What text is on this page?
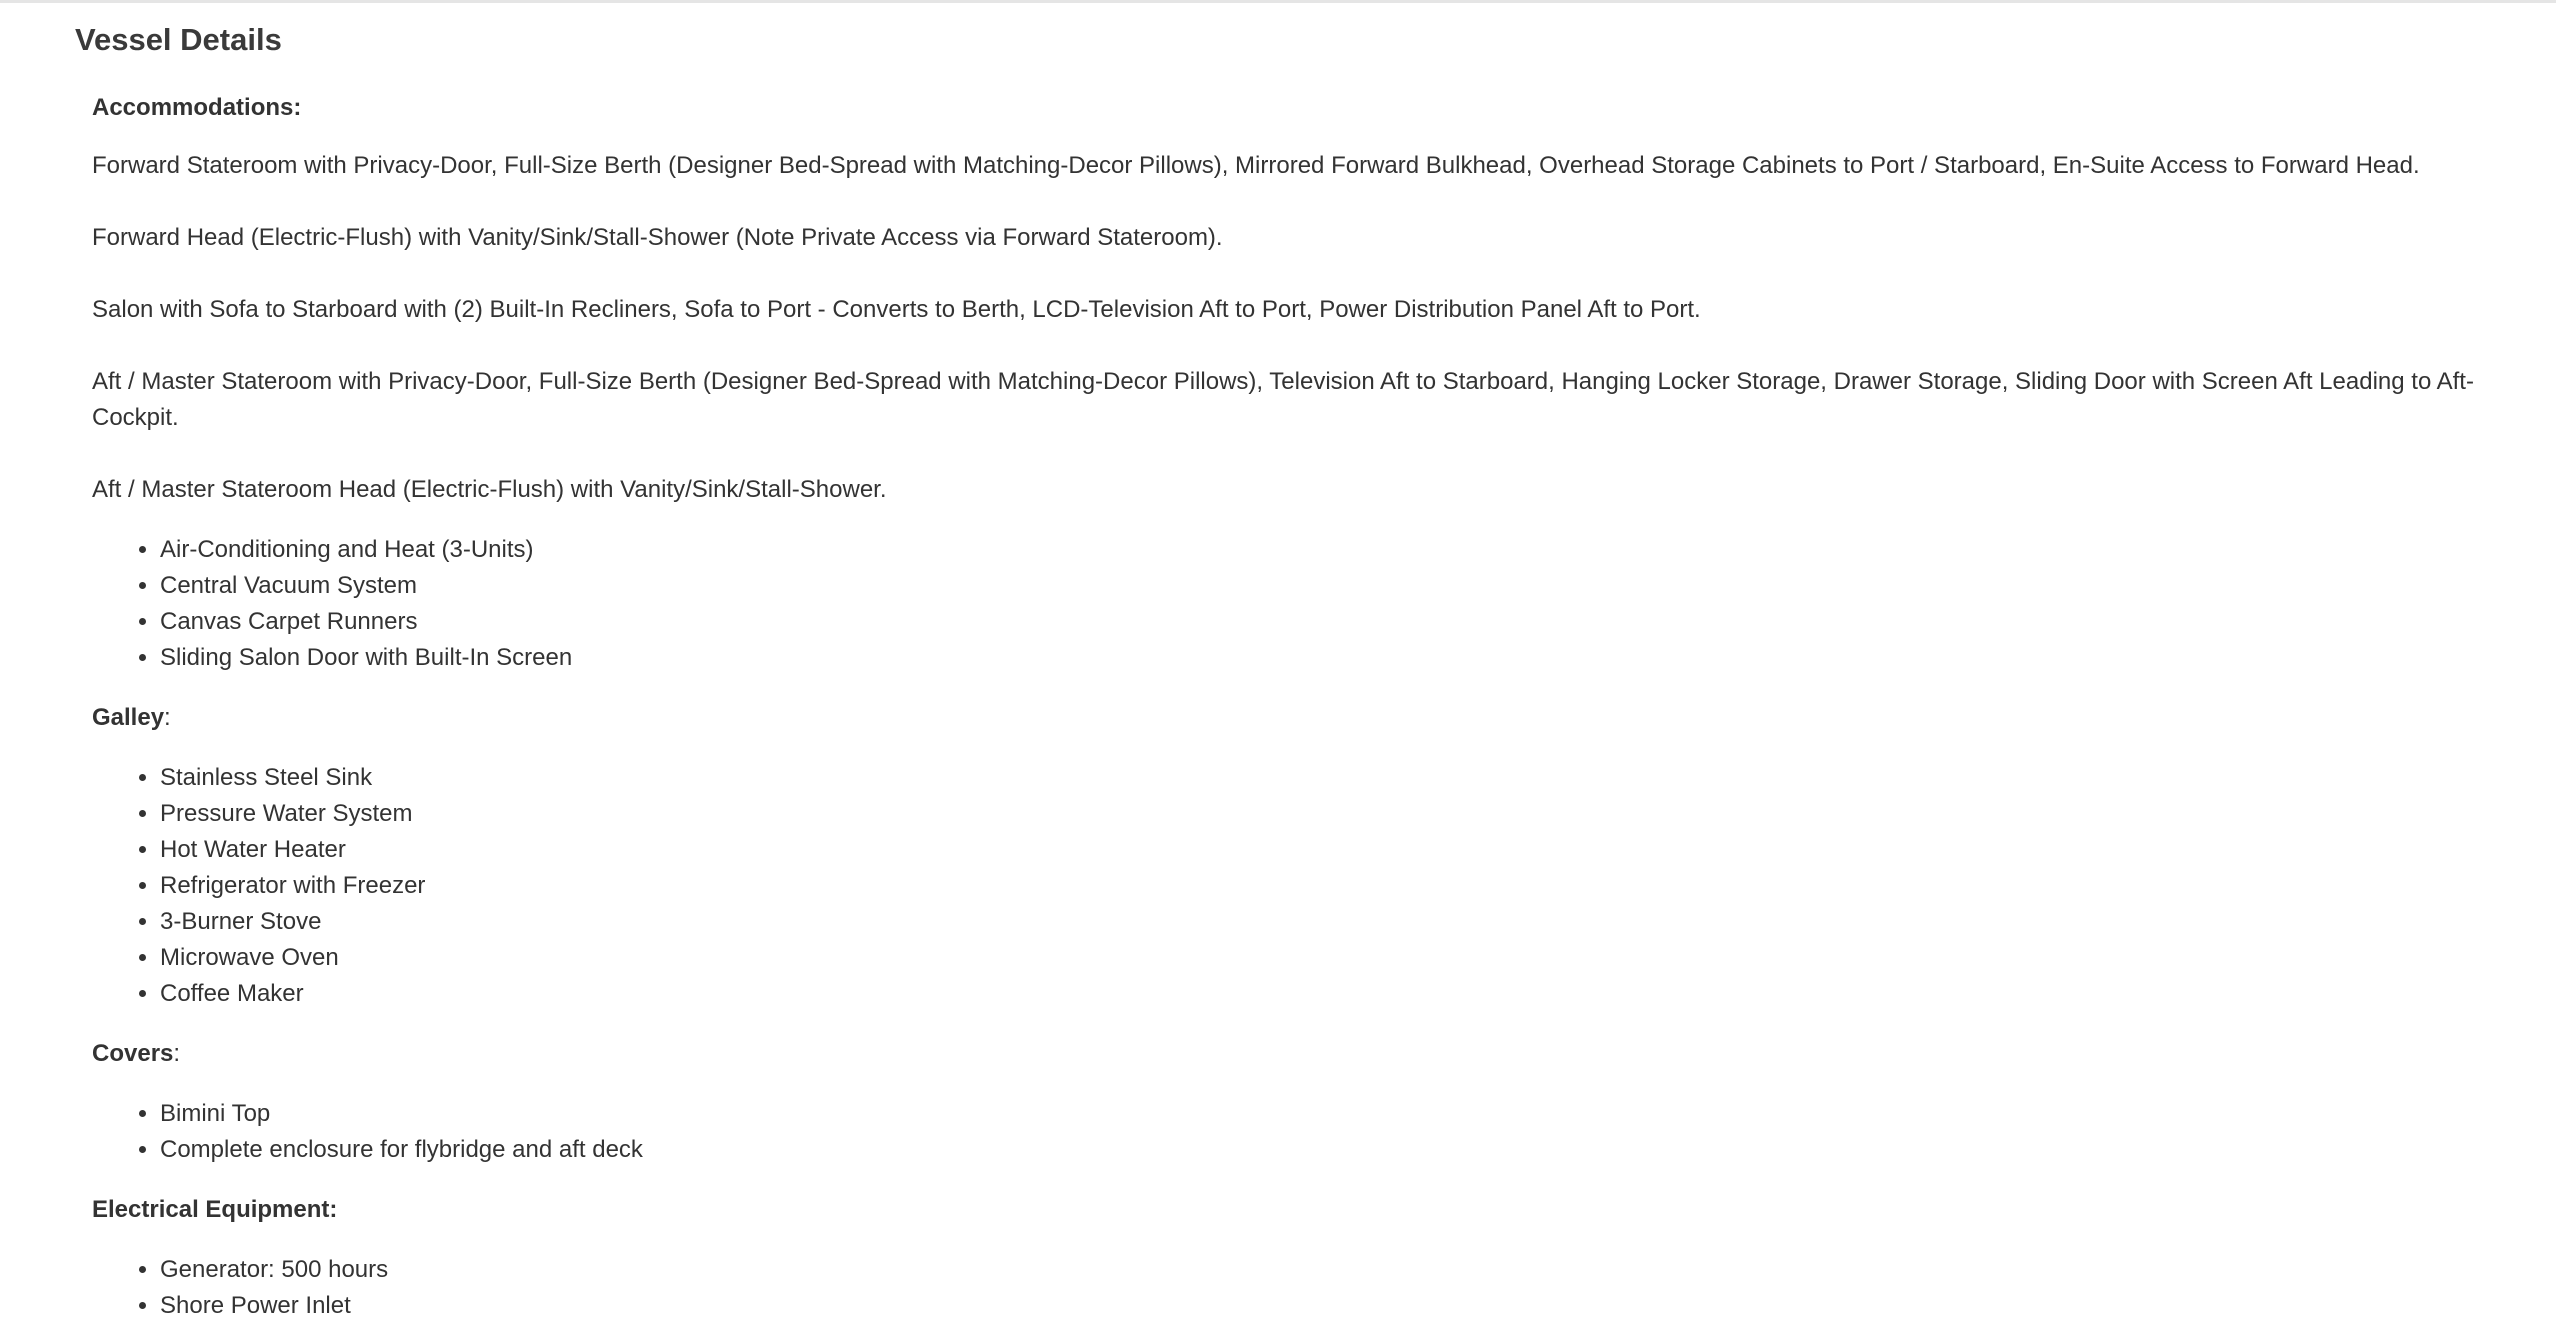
Vessel Details

Accommodations:

Forward Stateroom with Privacy-Door, Full-Size Berth (Designer Bed-Spread with Matching-Decor Pillows), Mirrored Forward Bulkhead, Overhead Storage Cabinets to Port / Starboard, En-Suite Access to Forward Head.

Forward Head (Electric-Flush) with Vanity/Sink/Stall-Shower (Note Private Access via Forward Stateroom).

Salon with Sofa to Starboard with (2) Built-In Recliners, Sofa to Port - Converts to Berth, LCD-Television Aft to Port, Power Distribution Panel Aft to Port.

Aft / Master Stateroom with Privacy-Door, Full-Size Berth (Designer Bed-Spread with Matching-Decor Pillows), Television Aft to Starboard, Hanging Locker Storage, Drawer Storage, Sliding Door with Screen Aft Leading to Aft-Cockpit.

Aft / Master Stateroom Head (Electric-Flush) with Vanity/Sink/Stall-Shower.

• Air-Conditioning and Heat (3-Units)
• Central Vacuum System
• Canvas Carpet Runners
• Sliding Salon Door with Built-In Screen

Galley:

• Stainless Steel Sink
• Pressure Water System
• Hot Water Heater
• Refrigerator with Freezer
• 3-Burner Stove
• Microwave Oven
• Coffee Maker

Covers:

• Bimini Top
• Complete enclosure for flybridge and aft deck

Electrical Equipment:

• Generator: 500 hours
• Shore Power Inlet
